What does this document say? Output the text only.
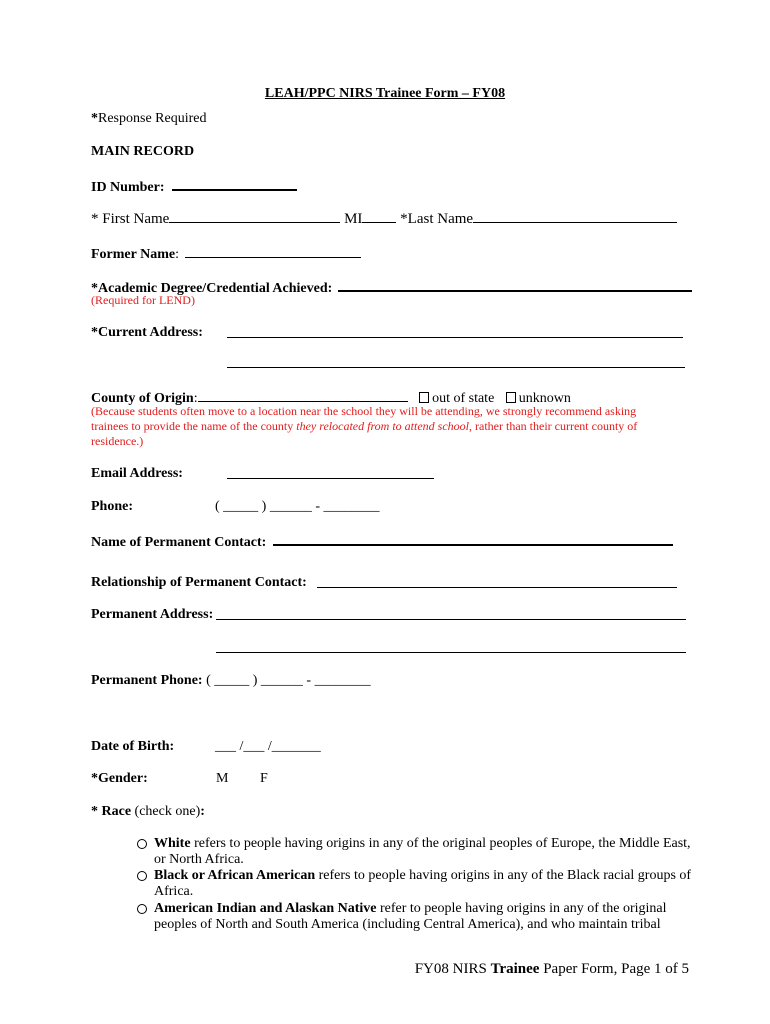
LEAH/PPC NIRS Trainee Form – FY08
*Response Required
MAIN RECORD
ID Number:
* First Name	MI	*Last Name
Former Name:
*Academic Degree/Credential Achieved:
(Required for LEND)
*Current Address:
County of Origin:	out of state unknown
(Because students often move to a location near the school they will be attending, we strongly recommend asking
trainees to provide the name of the county they relocated from to attend school, rather than their current county of
residence.)
Email Address:
Phone:	( _____ ) ______ - ________
Name of Permanent Contact:
Relationship of Permanent Contact:
Permanent Address:
Permanent Phone: ( _____ ) ______ - ________
Date of Birth:	___ /___ /_______
*Gender:	M F
* Race (check one):
White refers to people having origins in any of the original peoples of Europe, the Middle East,
or North Africa.
Black or African American refers to people having origins in any of the Black racial groups of
Africa.
American Indian and Alaskan Native refer to people having origins in any of the original
peoples of North and South America (including Central America), and who maintain tribal
FY08 NIRS Trainee Paper Form, Page 1 of 5
